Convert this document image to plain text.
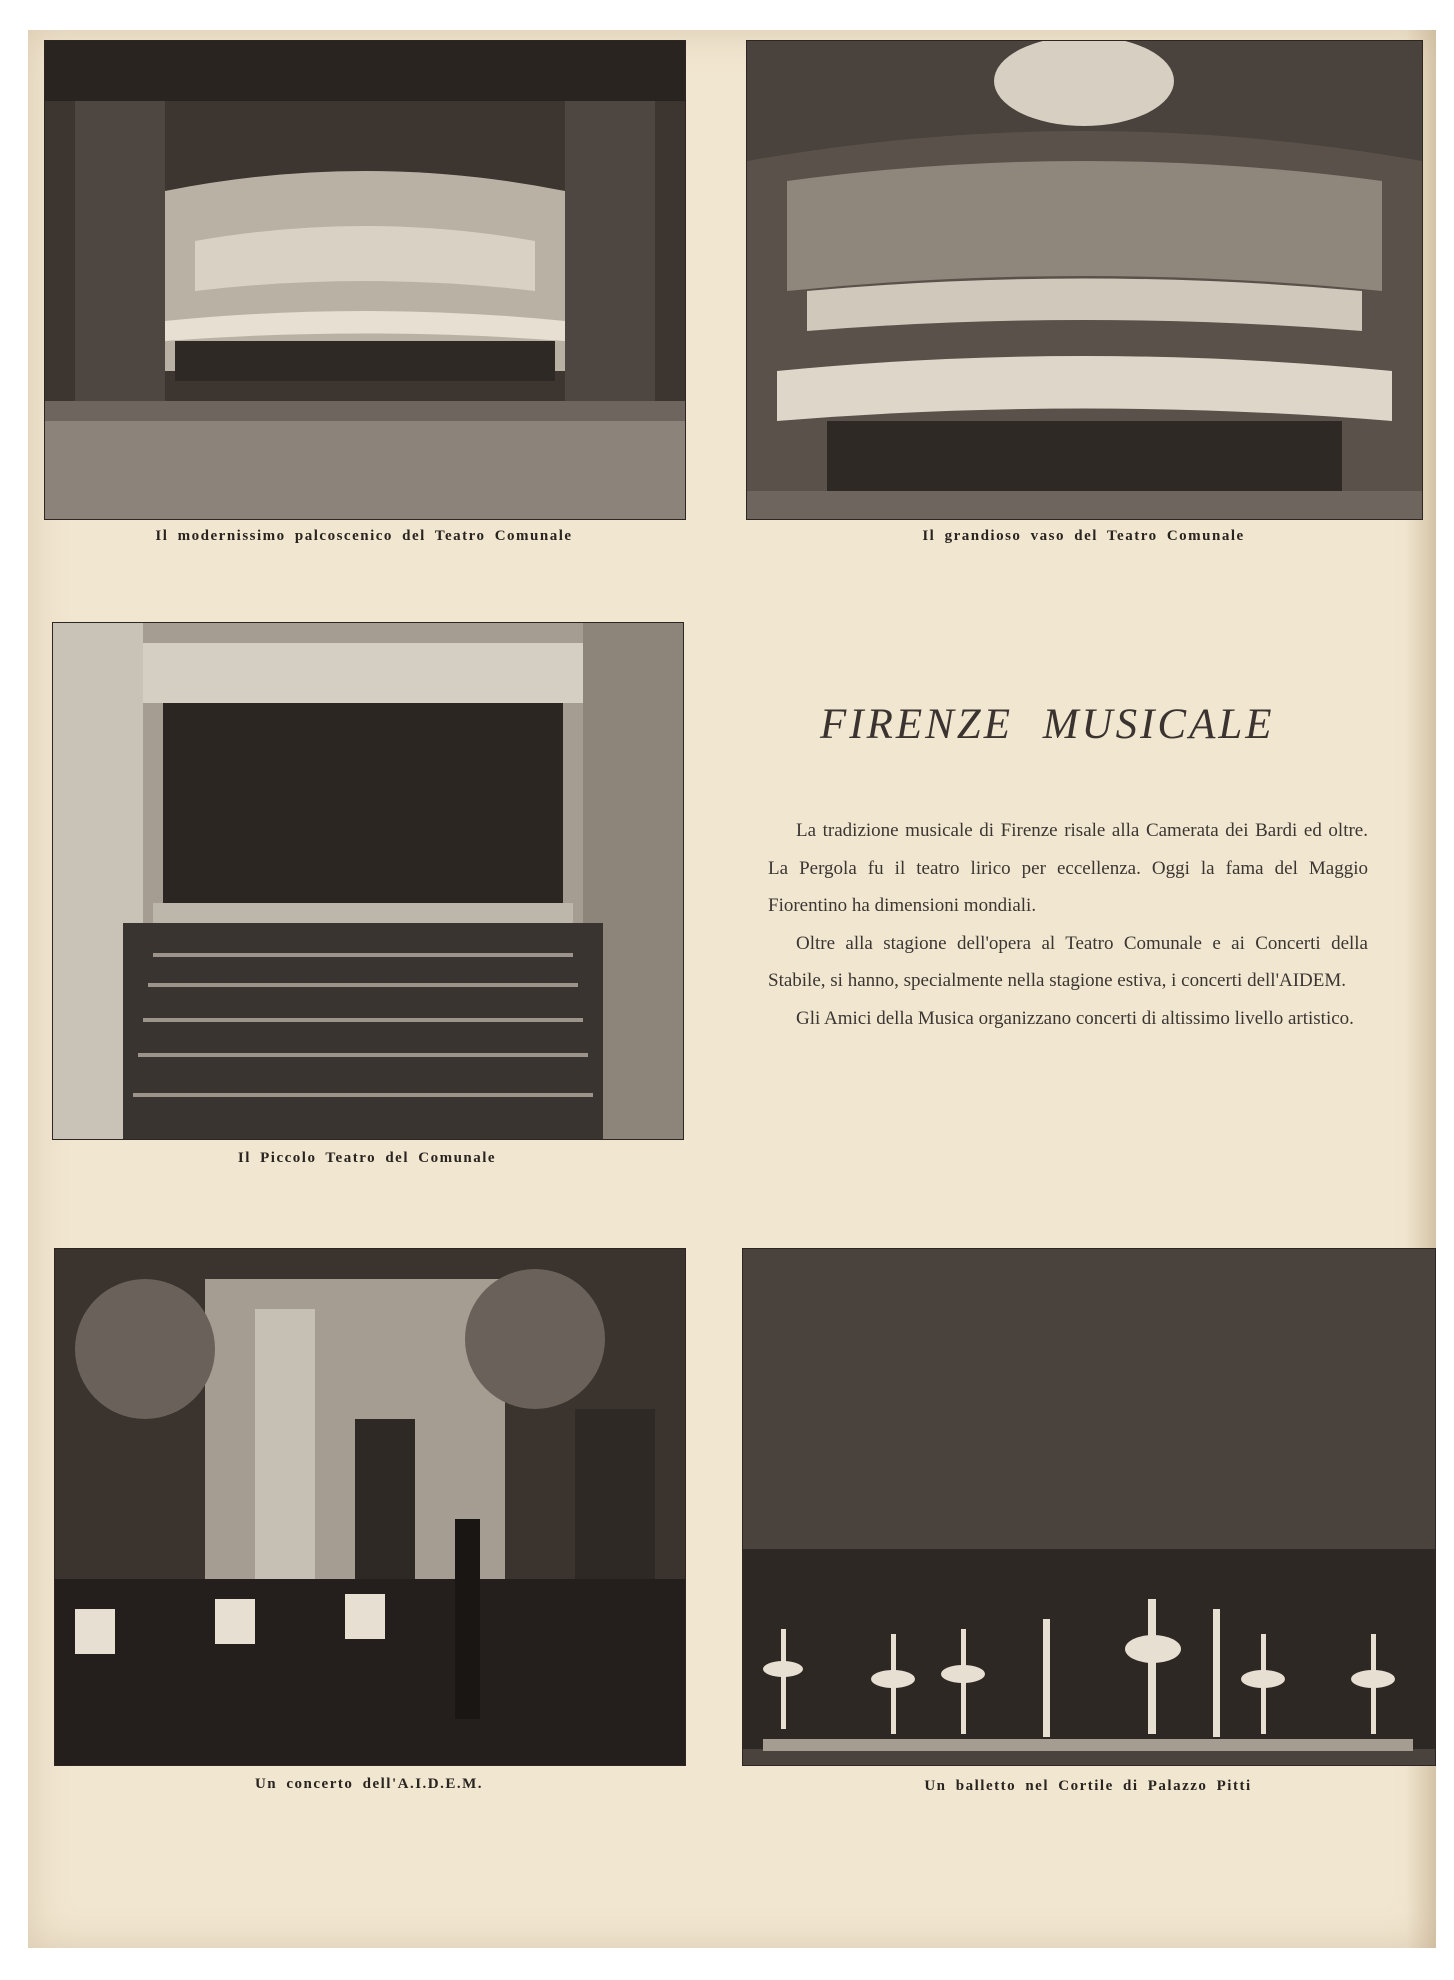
Il modernissimo palcoscenico del Teatro Comunale	Il grandioso vaso del Teatro Comunale
Il Piccolo Teatro del Comunale
FIRENZE MUSICALE

La tradizione musicale di Firenze risale alla Camerata dei Bardi ed oltre. La Pergola fu il teatro lirico per eccellenza. Oggi la fama del Maggio Fiorentino ha dimensioni mondiali.

Oltre alla stagione dell'opera al Teatro Comunale e ai Concerti della Stabile, si hanno, specialmente nella stagione estiva, i concerti dell'AIDEM.

Gli Amici della Musica organizzano concerti di altissimo livello artistico.

Un concerto dell'A.I.D.E.M.	Un balletto nel Cortile di Palazzo Pitti
